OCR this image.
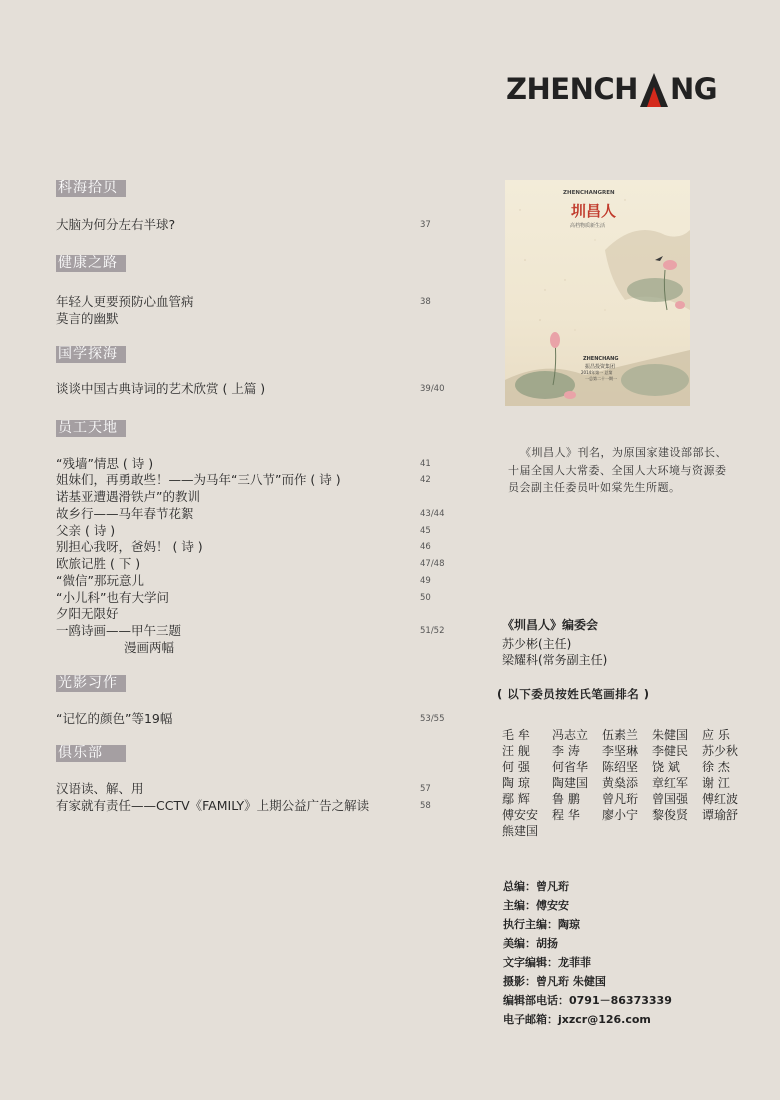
ZHENCH NG
科海拾贝
大脑为何分左右半球?	37
健康之路
年轻人更要预防心血管病	38
莫言的幽默
国学探海
谈谈中国古典诗词的艺术欣赏 ( 上篇 )	39/40
员工天地
“残墙”情思 ( 诗 )	41
姐妹们，再勇敢些！——为马年“三八节”而作 ( 诗 )	42
诺基亚遭遇滑铁卢”的教训
故乡行——马年春节花絮	43/44
父亲 ( 诗 )	45
别担心我呀，爸妈！ ( 诗 )	46
欧旅记胜 ( 下 )	47/48
“微信”那玩意儿	49
“小儿科”也有大学问	50
夕阳无限好
一鸥诗画——甲午三题	51/52
漫画两幅
光影习作
“记忆的颜色”等19幅	53/55
俱乐部
汉语读、解、用	57
有家就有责任——CCTV《FAMILY》上期公益广告之解读	58
ZHENCHANGREN
圳昌人
高档物质新生活
ZHENCHANG
振昌投资集团
2014年第一 总第
一总第二十一期一
《圳昌人》刊名，为原国家建设部部长、十届全国人大常委、全国人大环境与资源委员会副主任委员叶如棠先生所题。
《圳昌人》编委会
苏少彬(主任)
梁耀科(常务副主任)
( 以下委员按姓氏笔画排名 )
毛 牟	冯志立	伍素兰	朱健国	应 乐
汪 舰	李 涛	李坚琳	李健民	苏少秋
何 强	何省华	陈绍坚	饶 斌	徐 杰
陶 琼	陶建国	黄燊添	章红军	谢 江
鄢 辉	鲁 鹏	曾凡珩	曾国强	傅红波
傅安安	程 华	廖小宁	黎俊贤	谭瑜舒
熊建国
总编：曾凡珩
主编：傅安安
执行主编：陶琼
美编：胡扬
文字编辑：龙菲菲
摄影：曾凡珩 朱健国
编辑部电话：0791－86373339
电子邮箱：jxzcr@126.com
